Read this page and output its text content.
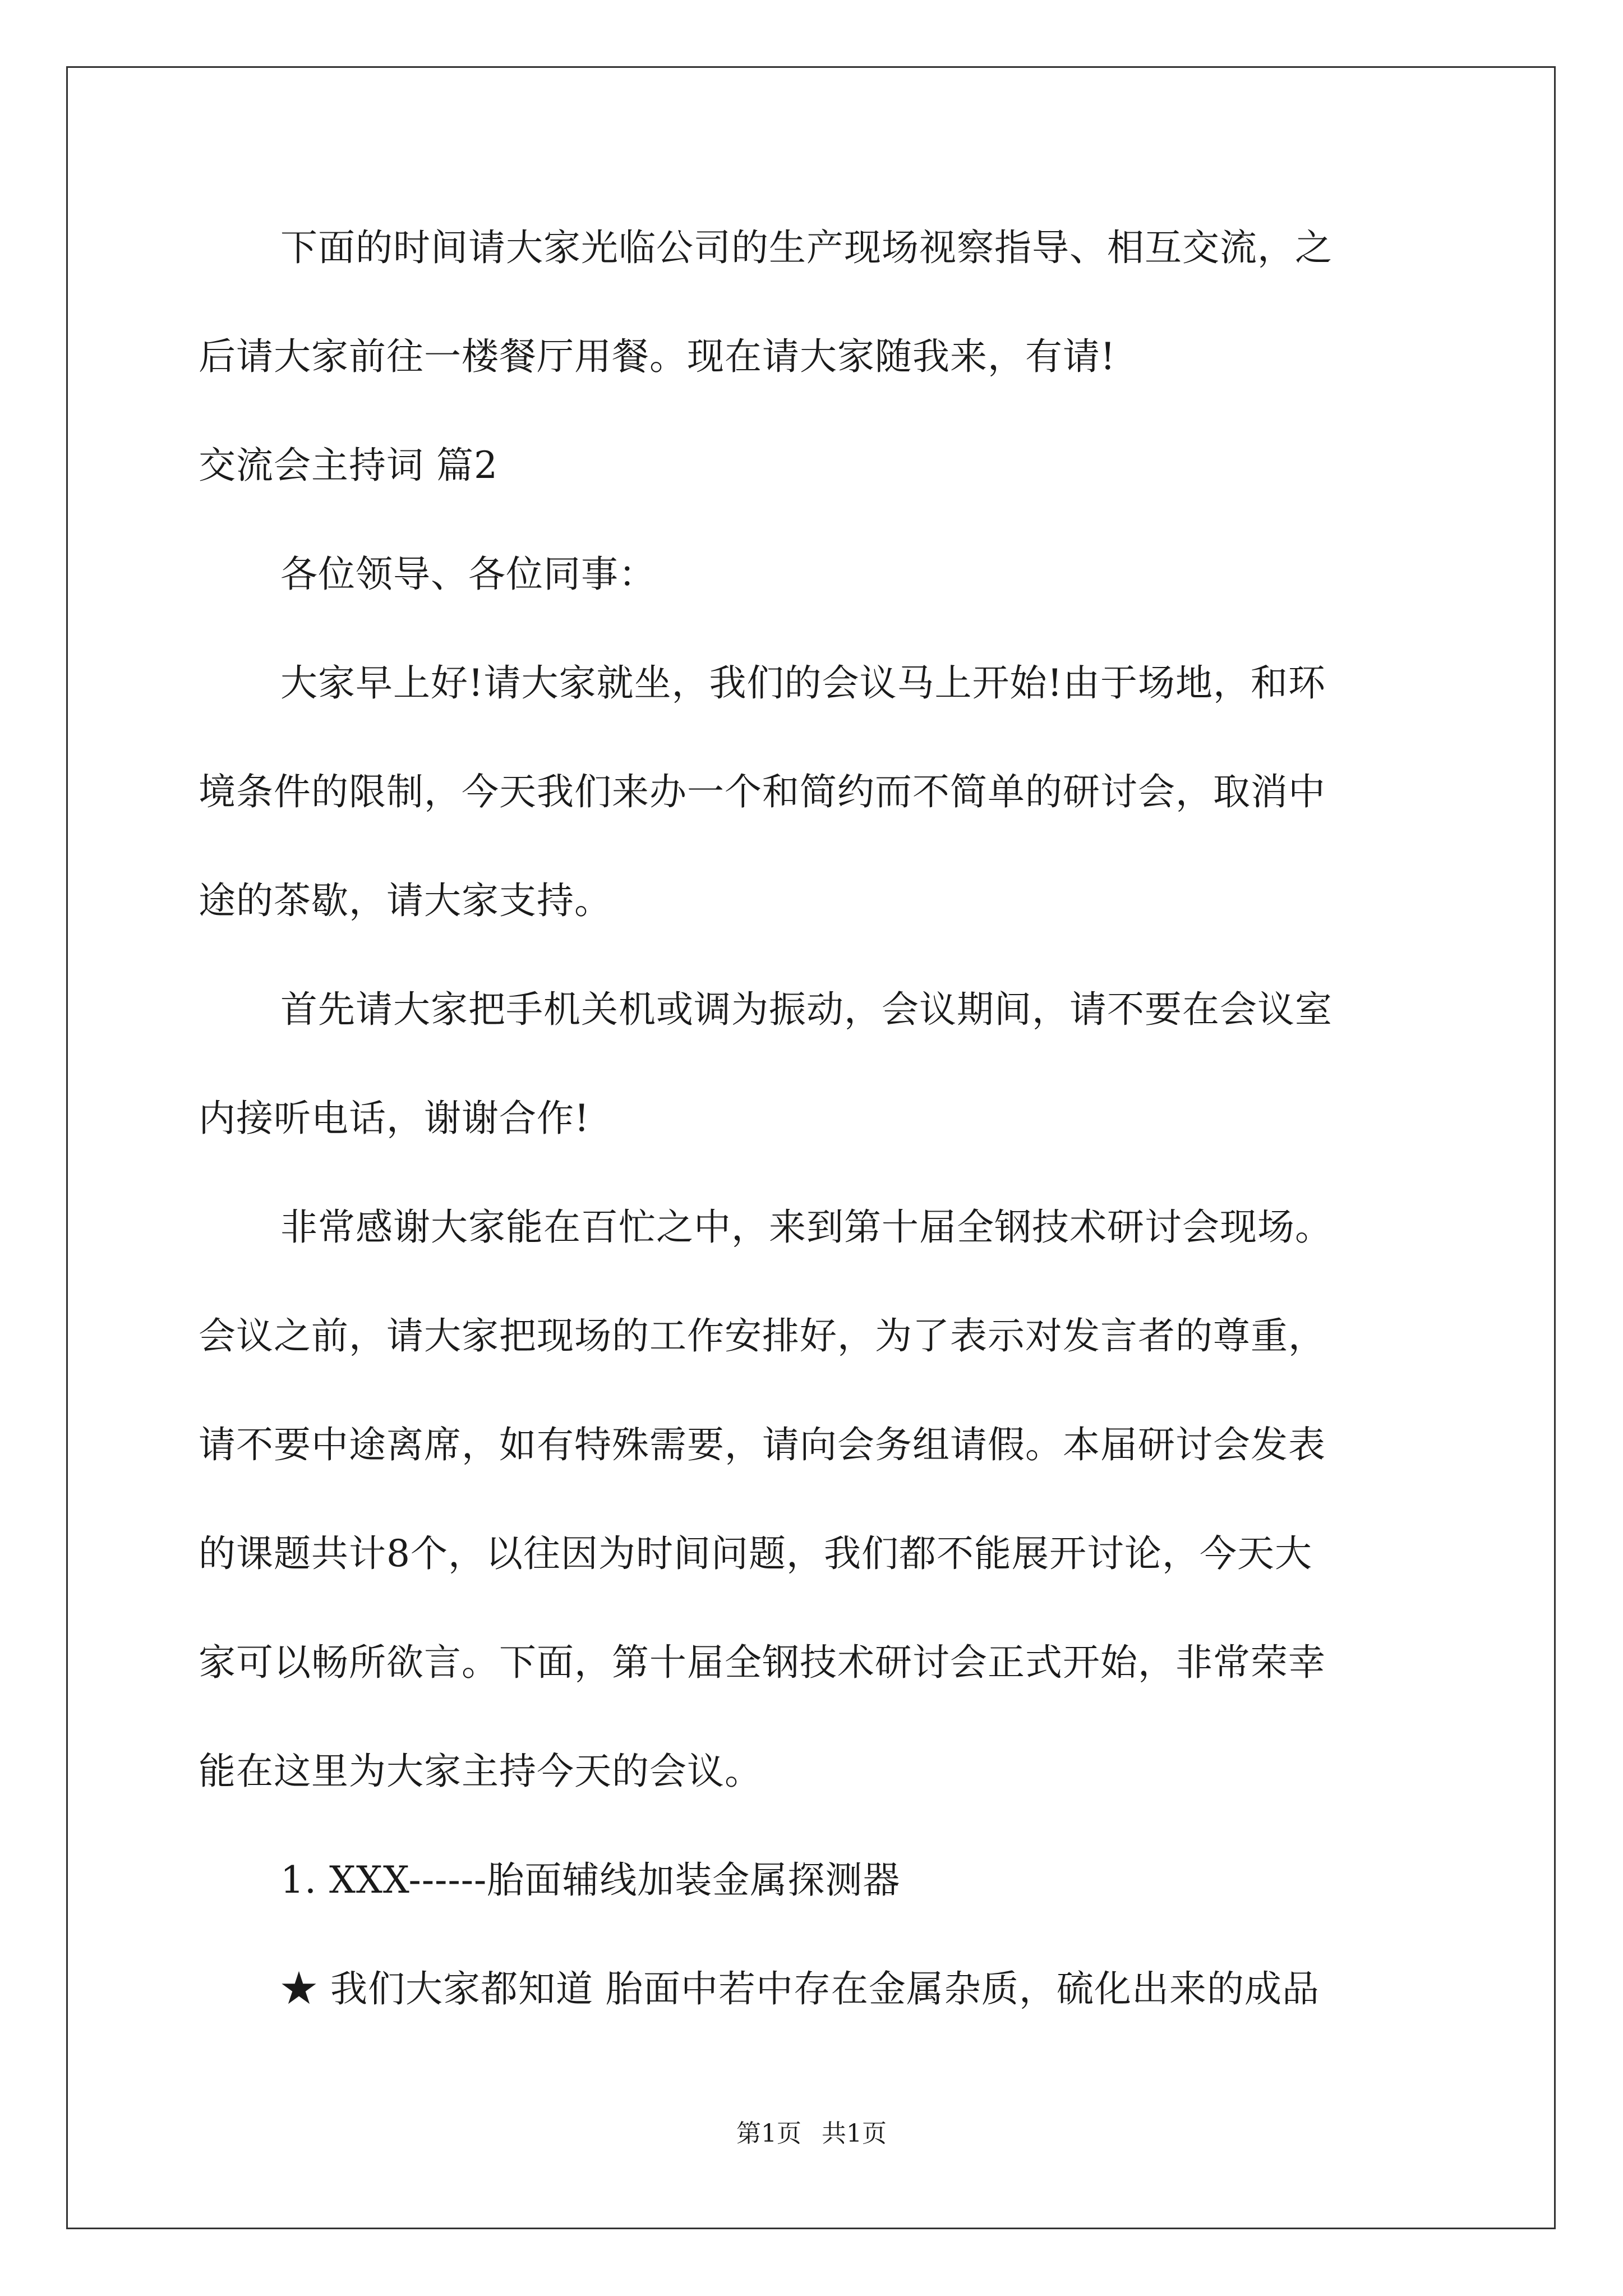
下面的时间请大家光临公司的生产现场视察指导、相互交流，之
后请大家前往一楼餐厅用餐。现在请大家随我来，有请!
交流会主持词 篇2
各位领导、各位同事：
大家早上好!请大家就坐，我们的会议马上开始!由于场地，和环
境条件的限制，今天我们来办一个和简约而不简单的研讨会，取消中
途的茶歇，请大家支持。
首先请大家把手机关机或调为振动，会议期间，请不要在会议室
内接听电话，谢谢合作!
非常感谢大家能在百忙之中，来到第十届全钢技术研讨会现场。
会议之前，请大家把现场的工作安排好，为了表示对发言者的尊重，
请不要中途离席，如有特殊需要，请向会务组请假。本届研讨会发表
的课题共计8个，以往因为时间问题，我们都不能展开讨论，今天大
家可以畅所欲言。下面，第十届全钢技术研讨会正式开始，非常荣幸
能在这里为大家主持今天的会议。
1. XXX------胎面辅线加装金属探测器
★ 我们大家都知道 胎面中若中存在金属杂质，硫化出来的成品
第1页 共1页
